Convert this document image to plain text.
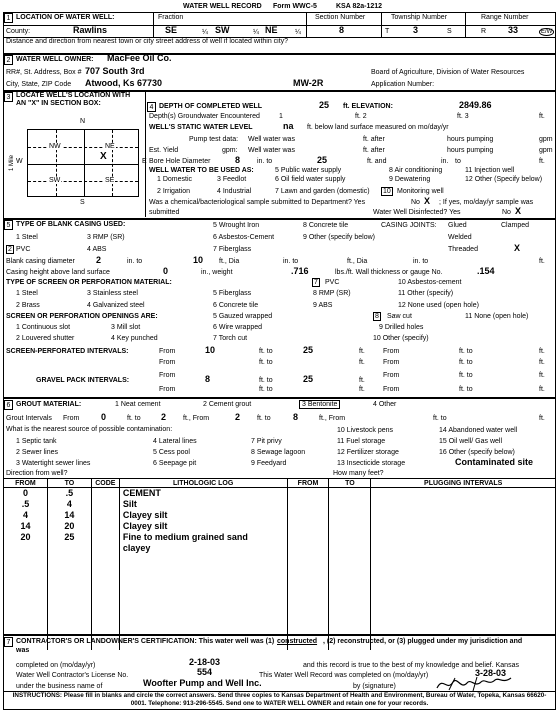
WATER WELL RECORD Form WWC-5	KSA 82a-1212
1 LOCATION OF WATER WELL:	Fraction	Section Number	Township Number	Range Number
County:	Rawlins	SE	¼ SW	¼ NE ¼	8	T	3	S	R 33	E/W
Distance and direction from nearest town or city street address of well if located within city?
2 WATER WELL OWNER: MacFee Oil Co.
RR#, St. Address, Box # 707 South 3rd
City, State, ZIP Code Atwood, Ks 67730	MW-2R
Board of Agriculture, Division of Water Resources
Application Number:
3 LOCATE WELL'S LOCATION WITH AN "X" IN SECTION BOX:
N
S
W	E
1 Mile
NW	NE
SW	SE
X
4 DEPTH OF COMPLETED WELL	25 ft. ELEVATION:	2849.86
Depth(s) Groundwater Encountered	1	ft. 2	ft. 3	ft.
WELL'S STATIC WATER LEVEL	na ft. below land surface measured on mo/day/yr
Pump test data: Well water was	ft. after	hours pumping	gpm
Est. Yield	gpm: Well water was	ft. after	hours pumping	gpm
Bore Hole Diameter	8 in. to	25	ft. and	in. to	ft.
WELL WATER TO BE USED AS:
1 Domestic	3 Feedlot
5 Public water supply	8 Air conditioning	11 Injection well
6 Oil field water supply	9 Dewatering	12 Other (Specify below)
2 Irrigation	4 Industrial	7 Lawn and garden (domestic) 10 Monitoring well
Was a chemical/bacteriological sample submitted to Department? Yes	No X ; If yes, mo/day/yr sample was
submitted	Water Well Disinfected? Yes	No X
5 TYPE OF BLANK CASING USED:
1 Steel
2 PVC
3 RMP (SR)
4 ABS
5 Wrought Iron
6 Asbestos-Cement
7 Fiberglass
8 Concrete tile
9 Other (specify below)
CASING JOINTS: Glued	Clamped
Welded
Threaded	X
Blank casing diameter 2	in. to	10 ft., Dia	in. to	ft., Dia	in. to	ft.
Casing height above land surface	0	in., weight	.716	lbs./ft. Wall thickness or gauge No.	.154
TYPE OF SCREEN OR PERFORATION MATERIAL:
1 Steel
2 Brass
3 Stainless steel
4 Galvanized steel
5 Fiberglass
6 Concrete tile
7 PVC
8 RMP (SR)
9 ABS
10 Asbestos-cement
11 Other (specify)
12 None used (open hole)
SCREEN OR PERFORATION OPENINGS ARE:
1 Continuous slot
2 Louvered shutter
3 Mill slot
4 Key punched
5 Gauzed wrapped
6 Wire wrapped
7 Torch cut
8 Saw cut
9 Drilled holes
10 Other (specify)
11 None (open hole)
SCREEN-PERFORATED INTERVALS:	From	10	ft. to	25	ft.	From	ft. to	ft.
From	ft. to	ft.	From	ft. to	ft.
GRAVEL PACK INTERVALS:
From	8	ft. to	25	ft.
From	ft. to	ft.
From	ft. to	ft.	From	ft. to	ft.
6 GROUT MATERIAL:	1 Neat cement	2 Cement grout	3 Bentonite	4 Other
Grout Intervals From 0	ft. to 2 ft., From	2 ft. to 8	ft., From	ft. to	ft.
What is the nearest source of possible contamination:
1 Septic tank
2 Sewer lines
3 Watertight sewer lines
4 Lateral lines
5 Cess pool
6 Seepage pit
7 Pit privy
8 Sewage lagoon
9 Feedyard
10 Livestock pens
11 Fuel storage
12 Fertilizer storage
13 Insecticide storage
14 Abandoned water well
15 Oil well/ Gas well
16 Other (specify below)
Contaminated site
Direction from well?	How many feet?
FROM	TO	CODE	LITHOLOGIC LOG	FROM	TO	PLUGGING INTERVALS
0	.5		CEMENT			
.5	4		Silt			
4	14		Clayey silt			
14	20		Clayey silt			
20	25		Fine to medium grained sand			
			clayey			

7 CONTRACTOR'S OR LANDOWNER'S CERTIFICATION: This water well was (1) constructed , (2) reconstructed, or (3) plugged under my jurisdiction and
was
completed on (mo/day/yr)	2-18-03	and this record is true to the best of my knowledge and belief. Kansas
Water Well Contractor's License No.	554	This Water Well Record was completed on (mo/day/yr)	3-28-03
under the business name of	Woofter Pump and Well Inc.	by (signature)
INSTRUCTIONS: Please fill in blanks and circle the correct answers. Send three copies to Kansas Department of Health and Environment, Bureau of Water, Topeka, Kansas 66620-0001. Telephone: 913-296-5545. Send one to WATER WELL OWNER and retain one for your records.
